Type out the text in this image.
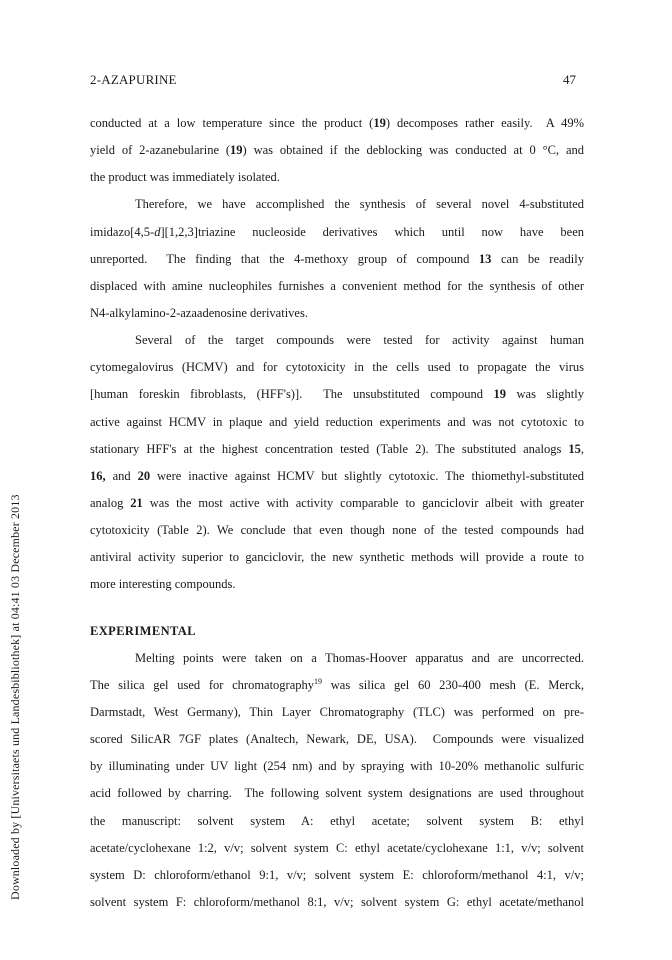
2-AZAPURINE	47
Downloaded by [Universitaets und Landesbibliothek] at 04:41 03 December 2013
conducted at a low temperature since the product (19) decomposes rather easily.  A 49%
yield of 2-azanebularine (19) was obtained if the deblocking was conducted at 0 °C, and
the product was immediately isolated.
Therefore, we have accomplished the synthesis of several novel 4-substituted
imidazo[4,5-d][1,2,3]triazine nucleoside derivatives which until now have been
unreported.  The finding that the 4-methoxy group of compound 13 can be readily
displaced with amine nucleophiles furnishes a convenient method for the synthesis of other
N4-alkylamino-2-azaadenosine derivatives.
Several of the target compounds were tested for activity against human
cytomegalovirus (HCMV) and for cytotoxicity in the cells used to propagate the virus
[human foreskin fibroblasts, (HFF's)].  The unsubstituted compound 19 was slightly
active against HCMV in plaque and yield reduction experiments and was not cytotoxic to
stationary HFF's at the highest concentration tested (Table 2). The substituted analogs 15,
16, and 20 were inactive against HCMV but slightly cytotoxic. The thiomethyl-substituted
analog 21 was the most active with activity comparable to ganciclovir albeit with greater
cytotoxicity (Table 2). We conclude that even though none of the tested compounds had
antiviral activity superior to ganciclovir, the new synthetic methods will provide a route to
more interesting compounds.
EXPERIMENTAL
Melting points were taken on a Thomas-Hoover apparatus and are uncorrected.
The silica gel used for chromatography$^{19}$ was silica gel 60 230-400 mesh (E. Merck,
Darmstadt, West Germany), Thin Layer Chromatography (TLC) was performed on pre-
scored SilicAR 7GF plates (Analtech, Newark, DE, USA).  Compounds were visualized
by illuminating under UV light (254 nm) and by spraying with 10-20% methanolic sulfuric
acid followed by charring.  The following solvent system designations are used throughout
the manuscript: solvent system A: ethyl acetate; solvent system B: ethyl
acetate/cyclohexane 1:2, v/v; solvent system C: ethyl acetate/cyclohexane 1:1, v/v; solvent
system D: chloroform/ethanol 9:1, v/v; solvent system E: chloroform/methanol 4:1, v/v;
solvent system F: chloroform/methanol 8:1, v/v; solvent system G: ethyl acetate/methanol
